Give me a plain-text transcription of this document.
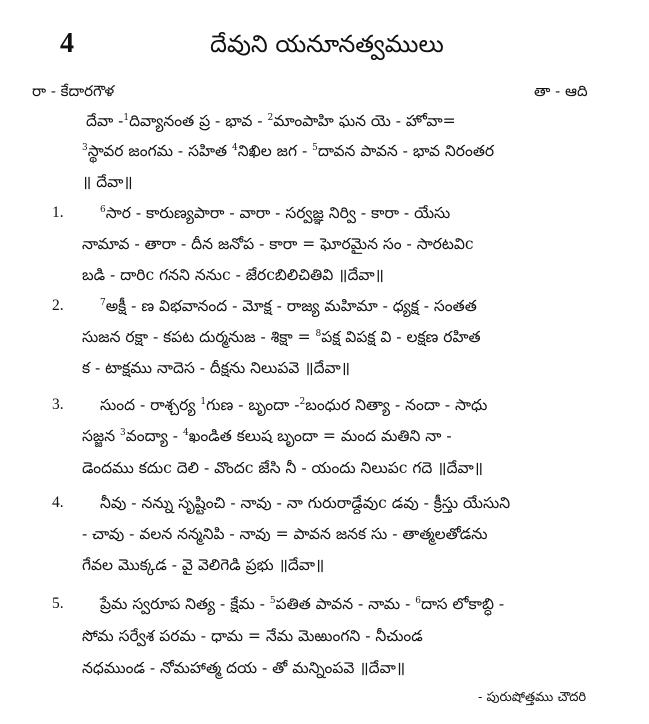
4	దేవుని యనూనత్వములు
రా - కేదారగౌళ	తా - ఆది
దేవా -$^1$దివ్యానంత ప్ర - భావ - $^2$మాంపాహి ఘన యె - హోవా=
$^3$స్థావర జంగమ - సహిత $^4$నిఖిల జగ - $^5$దావన పావన - భావ నిరంతర
॥ దేవా॥
1.	$^6$సార - కారుణ్యపారా - వారా - సర్వజ్ఞ నిర్వి - కారా - యేసు
నామావ - తారా - దీన జనోప - కారా = ఘోరమైన సం - సారటవిc
బడి - దారిc గనని ననుc - జేరcబిలిచితివి ॥దేవా॥
2.	$^7$అక్షీ - ణ విభవానంద - మోక్ష - రాజ్య మహిమా - ధ్యక్ష - సంతత
సుజన రక్షా - కపట దుర్మనుజ - శిక్షా = $^8$పక్ష విపక్ష వి - లక్షణ రహిత
క - టాక్షము నాదెస - దీక్షను నిలుపవె ॥దేవా॥
3. సుంద - రాశ్చర్య $^1$గుణ - బృందా -$^2$బంధుర నిత్యా - నందా - సాధు
సజ్జన $^3$వంద్యా - $^4$ఖండిత కలుష బృందా = మంద మతిని నా -
డెందము కదుc దెలి - వొందc జేసి నీ - యందు నిలుపc గదె ॥దేవా॥
4. నీవు - నన్ను సృష్టించి - నావు - నా గురురాడ్దేవుc డవు - క్రీస్తు యేసుని
- చావు - వలన నన్మనిపి - నావు = పావన జనక సు - తాత్మలతోడను
గేవల మొక్కడ - వై వెలిగెడి ప్రభు ॥దేవా॥
5. ప్రేమ స్వరూప నిత్య - క్షేమ - $^5$పతిత పావన - నామ - $^6$దాస లోకాబ్ధి -
సోమ సర్వేశ పరమ - ధామ = నేమ మెఱుంగని - నీచుండ
నధముండ - నోమహాత్మ దయ - తో మన్నింపవె ॥దేవా॥
- పురుషోత్తము చౌదరి
